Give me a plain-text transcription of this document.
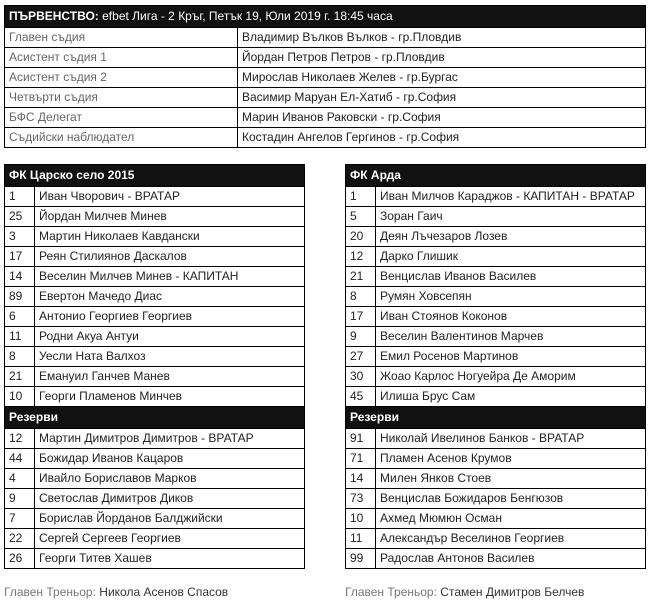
ПЪРВЕНСТВО: efbet Лига - 2 Кръг, Петък 19, Юли 2019 г. 18:45 часа	
Главен съдия	Владимир Вълков Вълков - гр.Пловдив
Асистент съдия 1	Йордан Петров Петров - гр.Пловдив
Асистент съдия 2	Мирослав Николаев Желев - гр.Бургас
Четвърти съдия	Васимир Маруан Ел-Хатиб - гр.София
БФС Делегат	Марин Иванов Раковски - гр.София
Съдийски наблюдател	Костадин Ангелов Гергинов - гр.София
ФК Царско село 2015	
1	Иван Чворович - ВРАТАР
25	Йордан Милчев Минев
3	Мартин Николаев Кавдански
17	Реян Стилиянов Даскалов
14	Веселин Милчев Минев - КАПИТАН
89	Евертон Мачедо Диас
6	Антонио Георгиев Георгиев
11	Родни Акуа Антуи
8	Уесли Ната Валхоз
21	Емануил Ганчев Манев
10	Георги Пламенов Минчев
Резерви	
12	Мартин Димитров Димитров - ВРАТАР
44	Божидар Иванов Кацаров
4	Ивайло Бориславов Марков
9	Светослав Димитров Диков
7	Борислав Йорданов Балджийски
22	Сергей Сергеев Георгиев
26	Георги Титев Хашев
ФК Арда	
1	Иван Милчов Караджов - КАПИТАН - ВРАТАР
5	Зоран Гаич
20	Деян Лъчезаров Лозев
12	Дарко Глишик
21	Венцислав Иванов Василев
8	Румян Ховсепян
17	Иван Стоянов Коконов
9	Веселин Валентинов Марчев
27	Емил Росенов Мартинов
30	Жоао Карлос Ногуейра Де Аморим
45	Илиша Брус Сам
Резерви	
91	Николай Ивелинов Банков - ВРАТАР
71	Пламен Асенов Крумов
14	Милен Янков Стоев
73	Венцислав Божидаров Бенгюзов
10	Ахмед Мюмюн Осман
11	Александър Веселинов Георгиев
99	Радослав Антонов Василев
Главен Треньор: Никола Асенов Спасов	Главен Треньор: Стамен Димитров Белчев
